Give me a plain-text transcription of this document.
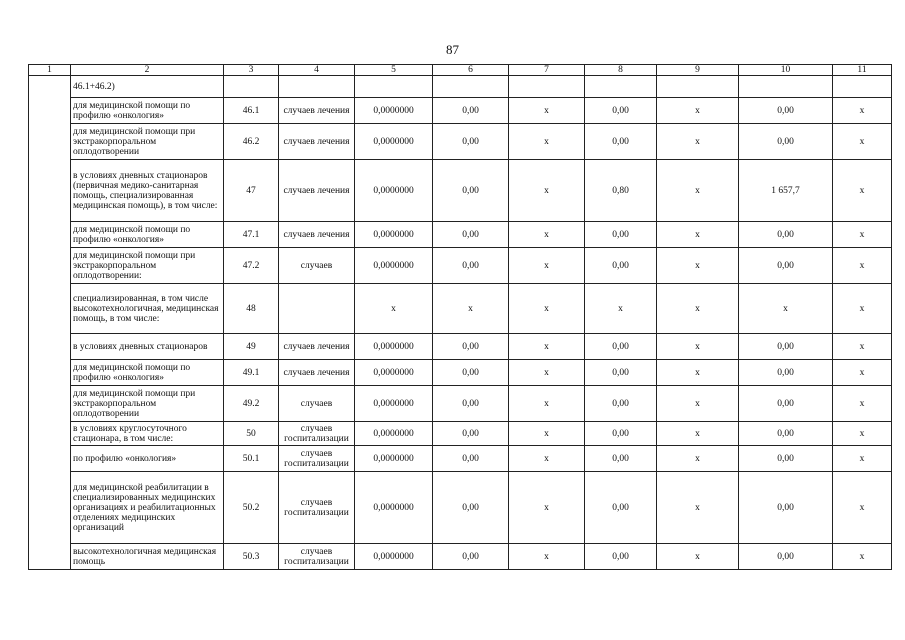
87
1	2	3	4	5	6	7	8	9	10	11
	46.1+46.2)									
	для медицинской помощи по профилю «онкология»	46.1	случаев лечения	0,0000000	0,00	x	0,00	x	0,00	x
	для медицинской помощи при экстракорпоральном оплодотворении	46.2	случаев лечения	0,0000000	0,00	x	0,00	x	0,00	x
	в условиях дневных стационаров (первичная медико-санитарная помощь, специализированная медицинская помощь), в том числе:	47	случаев лечения	0,0000000	0,00	x	0,80	x	1 657,7	x
	для медицинской помощи по профилю «онкология»	47.1	случаев лечения	0,0000000	0,00	x	0,00	x	0,00	x
	для медицинской помощи при экстракорпоральном оплодотворении:	47.2	случаев	0,0000000	0,00	x	0,00	x	0,00	x
	специализированная, в том числе высокотехнологичная, медицинская помощь, в том числе:	48		x	x	x	x	x	x	x
	в условиях дневных стационаров	49	случаев лечения	0,0000000	0,00	x	0,00	x	0,00	x
	для медицинской помощи по профилю «онкология»	49.1	случаев лечения	0,0000000	0,00	x	0,00	x	0,00	x
	для медицинской помощи при экстракорпоральном оплодотворении	49.2	случаев	0,0000000	0,00	x	0,00	x	0,00	x
	в условиях круглосуточного стационара, в том числе:	50	случаев госпитализации	0,0000000	0,00	x	0,00	x	0,00	x
	по профилю «онкология»	50.1	случаев госпитализации	0,0000000	0,00	x	0,00	x	0,00	x
	для медицинской реабилитации в специализированных медицинских организациях и реабилитационных отделениях медицинских организаций	50.2	случаев госпитализации	0,0000000	0,00	x	0,00	x	0,00	x
	высокотехнологичная медицинская помощь	50.3	случаев госпитализации	0,0000000	0,00	x	0,00	x	0,00	x
